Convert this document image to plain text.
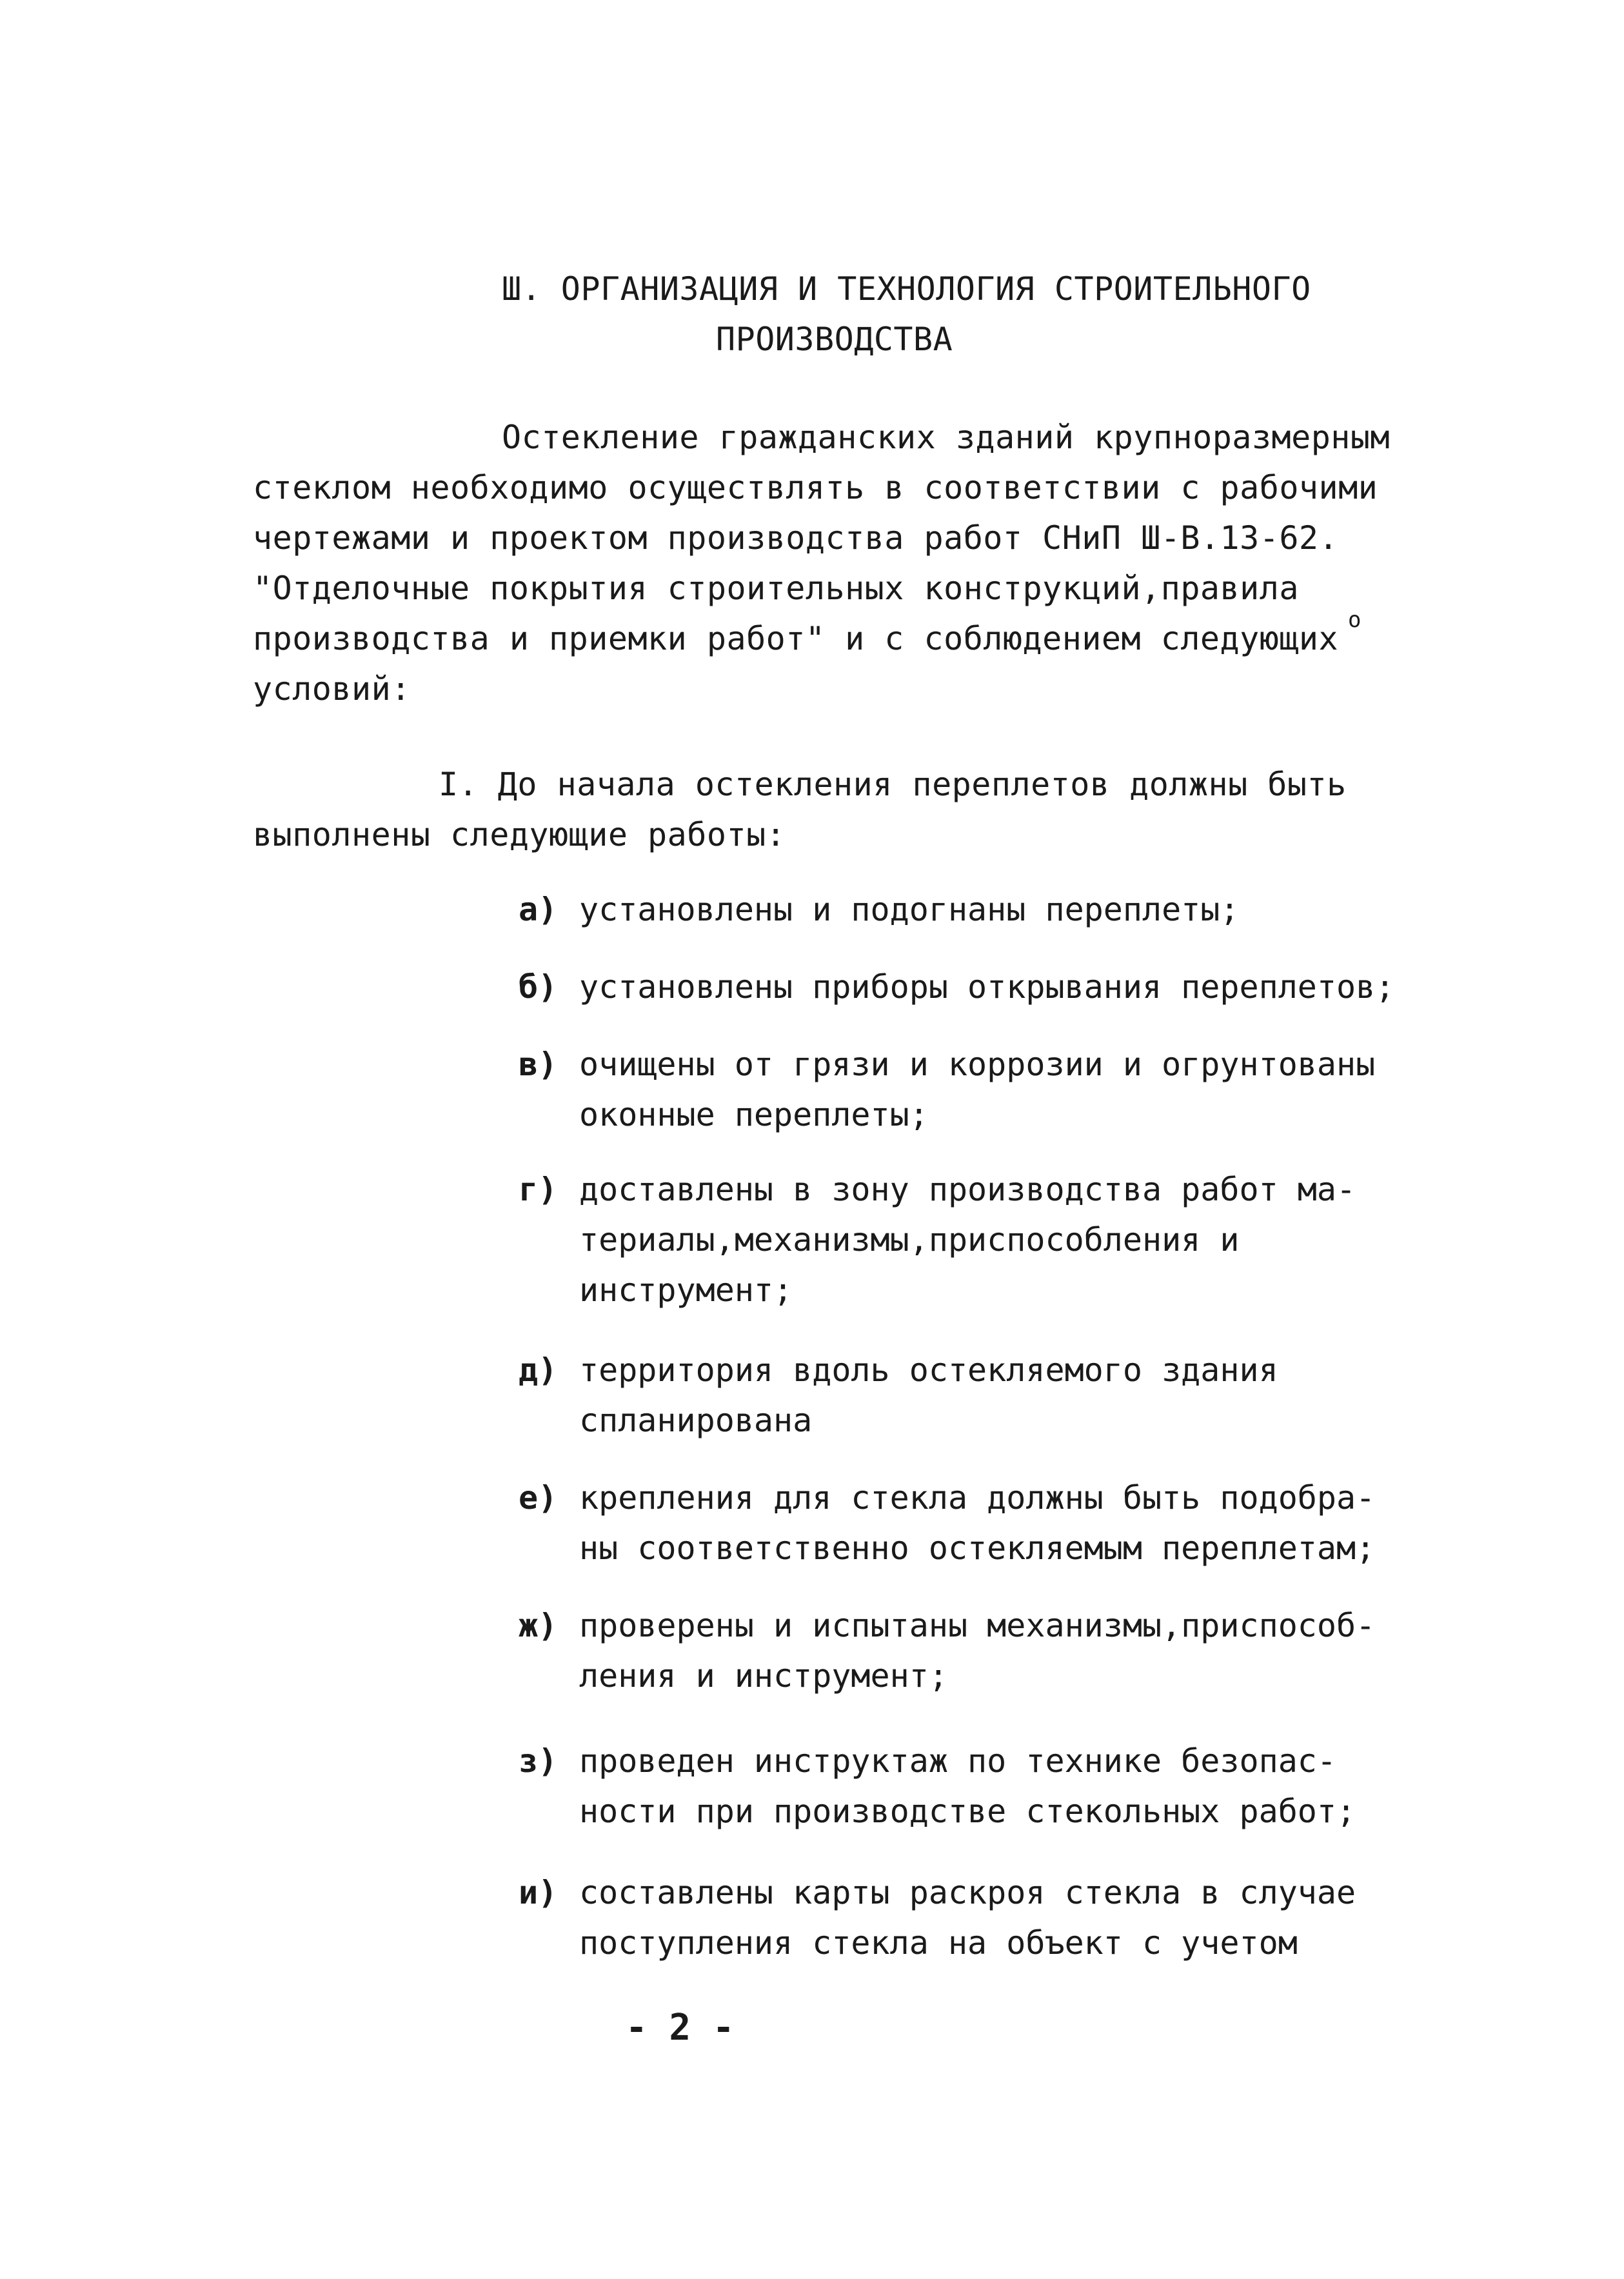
Ш. ОРГАНИЗАЦИЯ И ТЕХНОЛОГИЯ СТРОИТЕЛЬНОГО
ПРОИЗВОДСТВА
Остекление гражданских зданий крупноразмерным
стеклом необходимо осуществлять в соответствии с рабочими
чертежами и проектом производства работ СНиП Ш-В.13-62.
"Отделочные покрытия строительных конструкций,правила
производства и приемки работ" и с соблюдением следующих о
условий:
I. До начала остекления переплетов должны быть
выполнены следующие работы:
а) установлены и подогнаны переплеты;
б) установлены приборы открывания переплетов;
в) очищены от грязи и коррозии и огрунтованы
оконные переплеты;
г) доставлены в зону производства работ ма-
териалы,механизмы,приспособления и
инструмент;
д) территория вдоль остекляемого здания
спланирована
е) крепления для стекла должны быть подобра-
ны соответственно остекляемым переплетам;
ж) проверены и испытаны механизмы,приспособ-
ления и инструмент;
з) проведен инструктаж по технике безопас-
ности при производстве стекольных работ;
и) составлены карты раскроя стекла в случае
поступления стекла на объект с учетом
- 2 -
